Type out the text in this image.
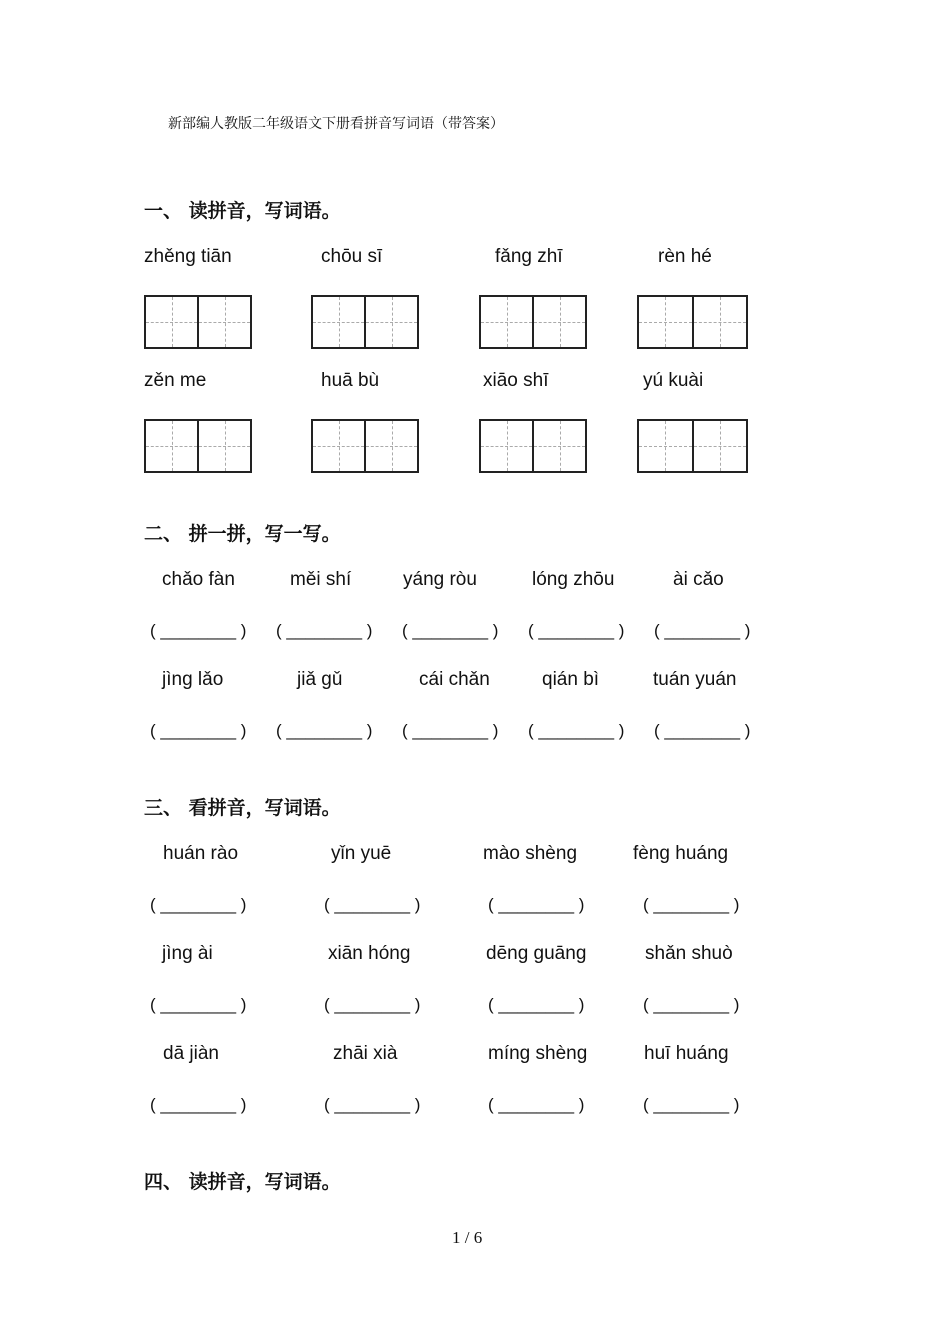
新部编人教版二年级语文下册看拼音写词语（带答案）
一、 读拼音，写词语。
zhěng tiān	chōu sī	fǎng zhī	rèn hé
zěn me	huā bù	xiāo shī	yú kuài
二、 拼一拼，写一写。
chǎo fàn	měi shí	yáng ròu	lóng zhōu	ài cǎo
( ________ ) ( ________ ) ( ________ ) ( ________ ) ( ________ )
jìng lǎo	jiǎ gǔ	cái chǎn	qián bì	tuán yuán
( ________ ) ( ________ ) ( ________ ) ( ________ ) ( ________ )
三、 看拼音，写词语。
huán rào	yǐn yuē	mào shèng	fèng huáng
( ________ )	( ________ )	( ________ )	( ________ )
jìng ài	xiān hóng	dēng guāng	shǎn shuò
( ________ )	( ________ )	( ________ )	( ________ )
dā jiàn	zhāi xià	míng shèng	huī huáng
( ________ )	( ________ )	( ________ )	( ________ )
四、 读拼音，写词语。
1 / 6
